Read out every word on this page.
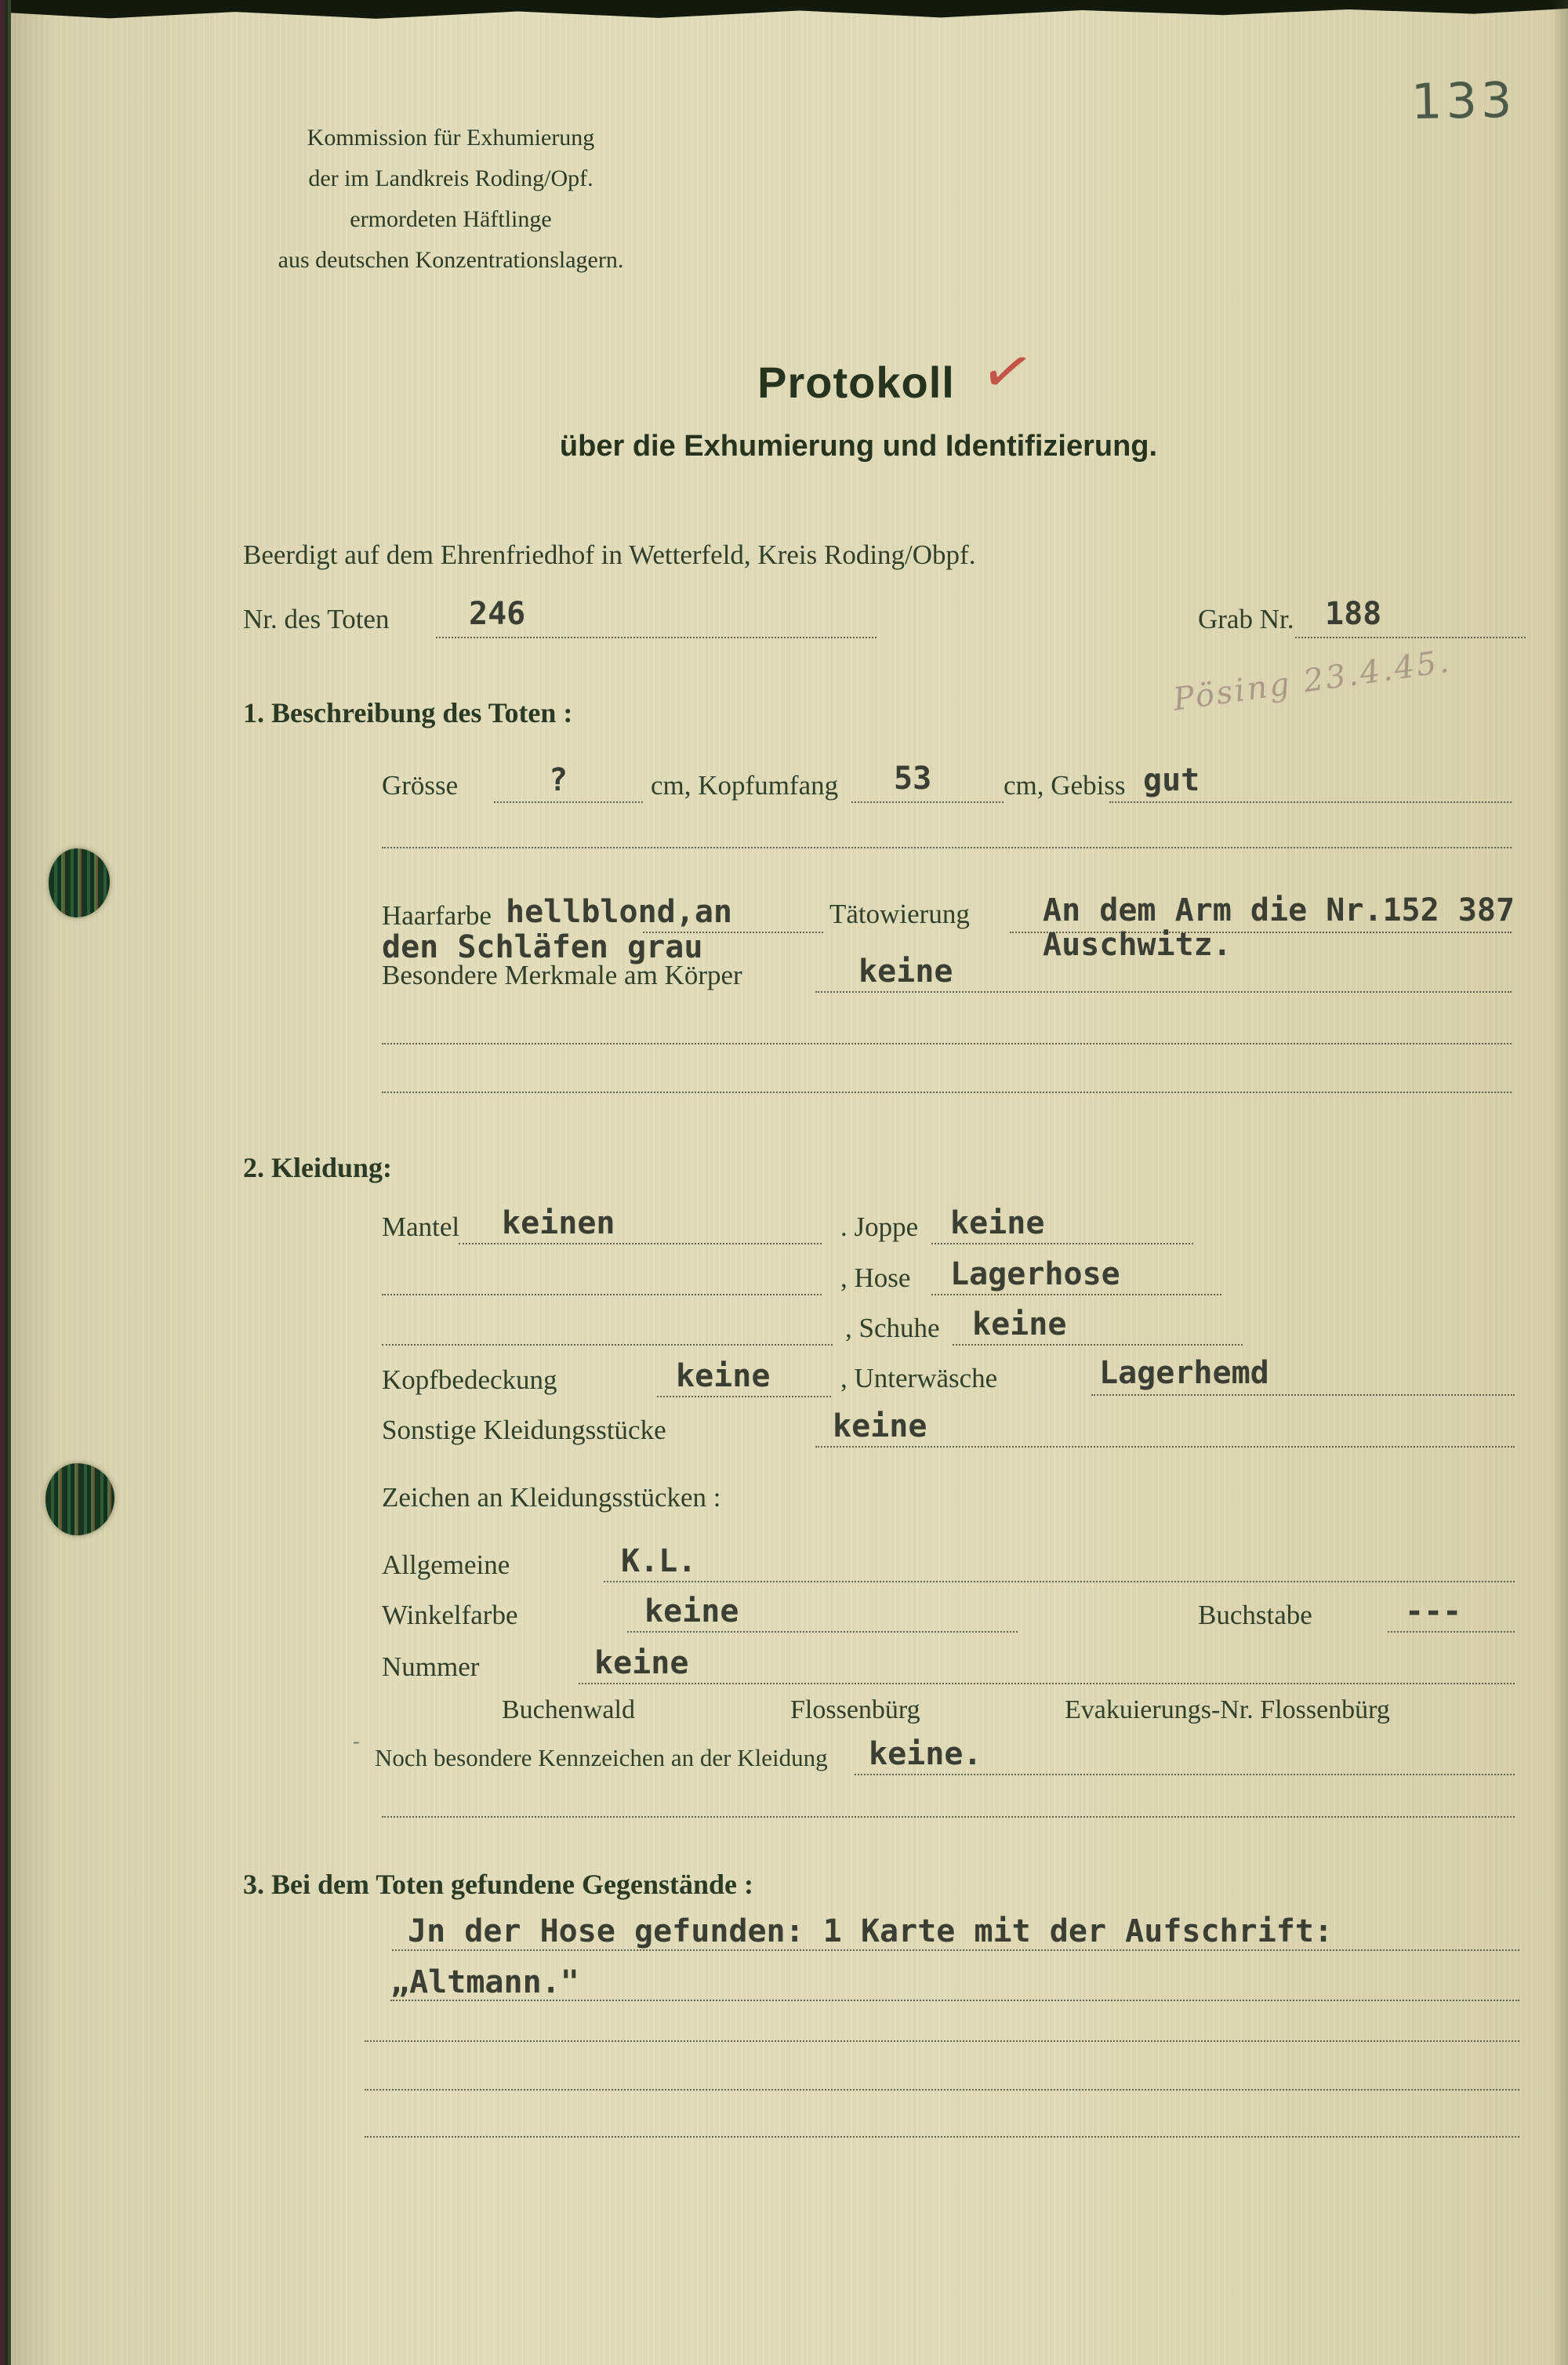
133
Kommission für Exhumierung
der im Landkreis Roding/Opf.
ermordeten Häftlinge
aus deutschen Konzentrationslagern.
Protokoll ✓
über die Exhumierung und Identifizierung.
Beerdigt auf dem Ehrenfriedhof in Wetterfeld, Kreis Roding/Obpf.
Nr. des Toten	246	Grab Nr. 188
1. Beschreibung des Toten :	Pösing 23.4.45.
Grösse	?	cm, Kopfumfang 53	cm, Gebiss gut
Haarfarbe hellblond,an	Tätowierung An dem Arm die Nr.152 387
den Schläfen grau	Auschwitz.
Besondere Merkmale am Körper	keine
2. Kleidung:
Mantel keinen	. Joppe keine
, Hose Lagerhose
, Schuhe keine
Kopfbedeckung	keine	, Unterwäsche	Lagerhemd
Sonstige Kleidungsstücke	keine
Zeichen an Kleidungsstücken :
Allgemeine	K.L.
Winkelfarbe	keine	Buchstabe	---
Nummer	keine
Buchenwald	Flossenbürg	Evakuierungs-Nr. Flossenbürg
-
Noch besondere Kennzeichen an der Kleidung keine.
3. Bei dem Toten gefundene Gegenstände :
Jn der Hose gefunden: 1 Karte mit der Aufschrift:
„Altmann."
